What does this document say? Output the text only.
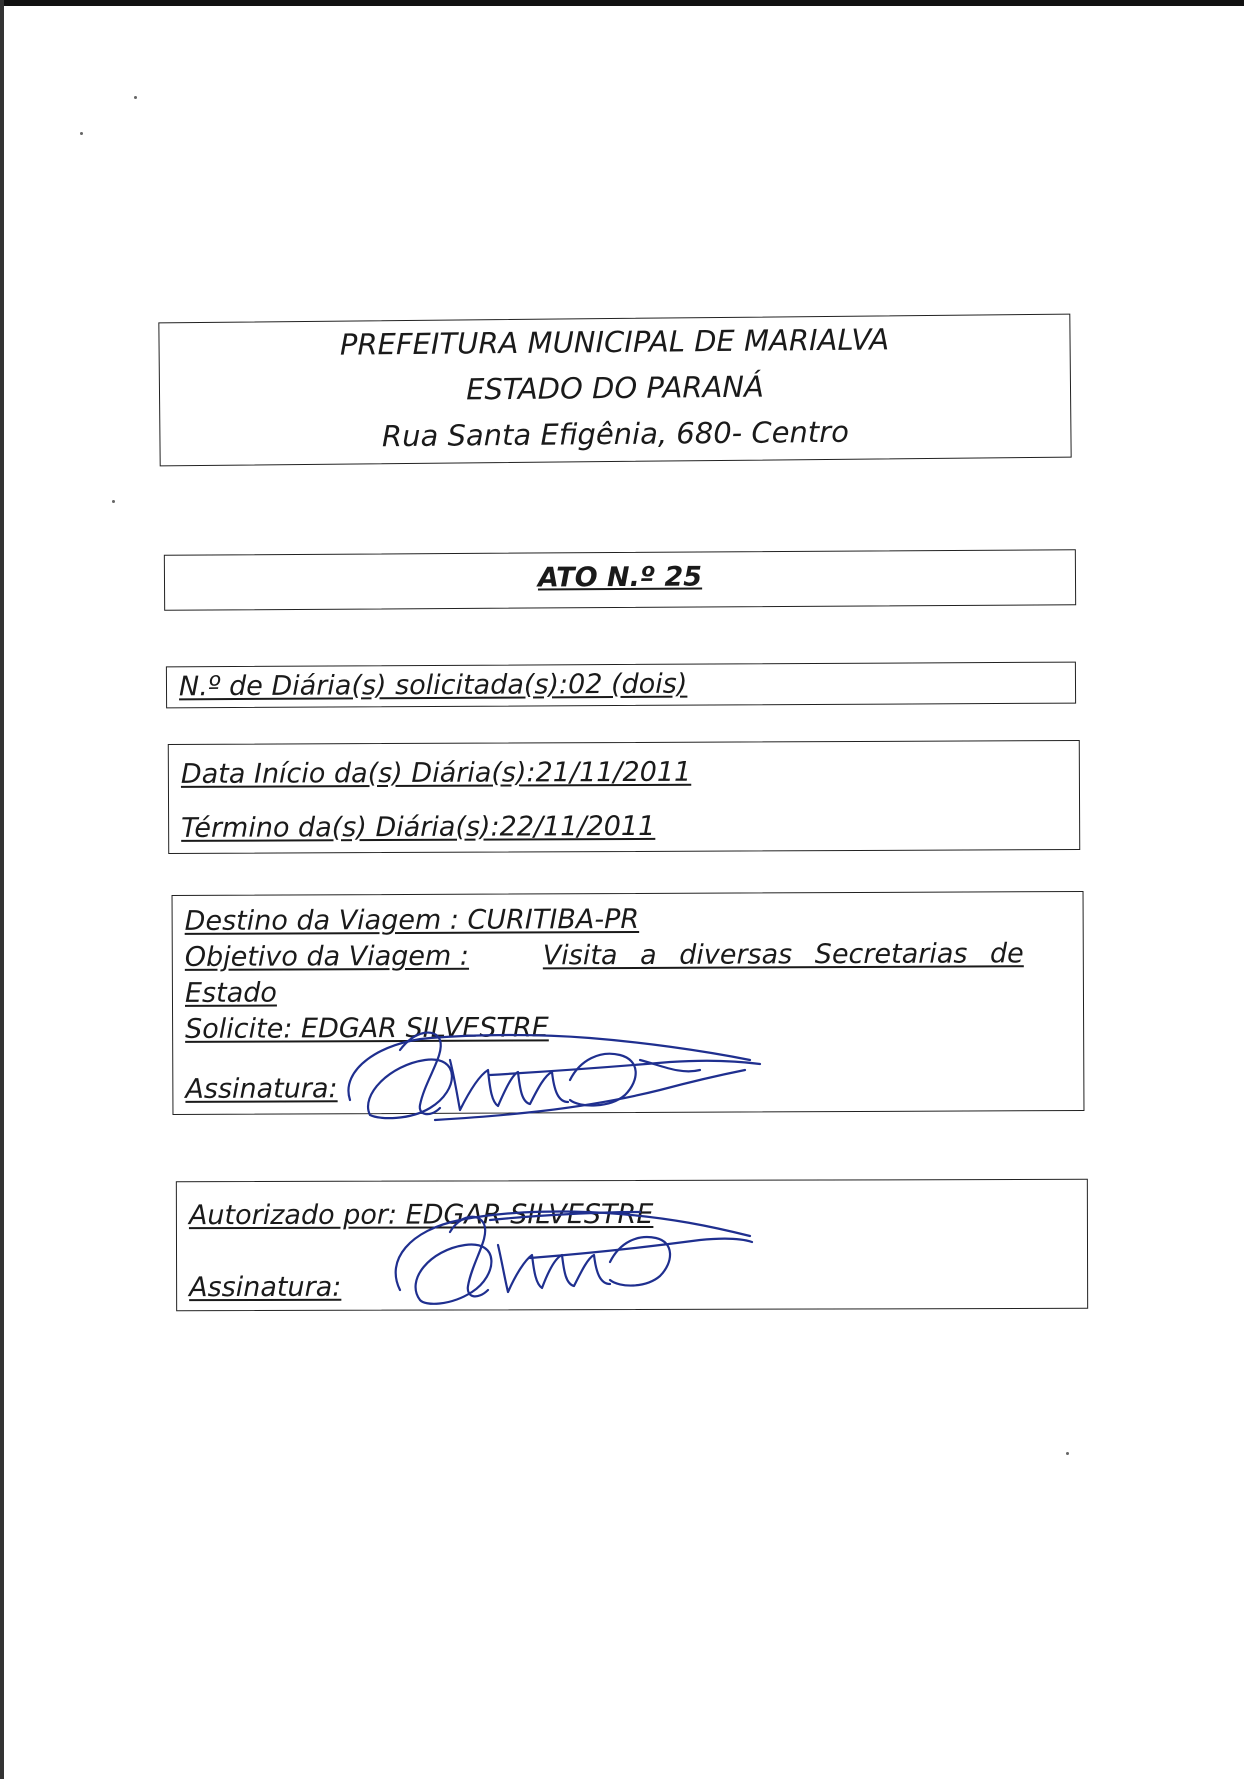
PREFEITURA MUNICIPAL DE MARIALVA
ESTADO DO PARANÁ
Rua Santa Efigênia, 680- Centro
ATO N.º 25
N.º de Diária(s) solicitada(s):02 (dois)
Data Início da(s) Diária(s):21/11/2011
Término da(s) Diária(s):22/11/2011
Destino da Viagem : CURITIBA-PR
Objetivo da Viagem :	Visita a diversas Secretarias de
Estado
Solicite: EDGAR SILVESTRE
Assinatura:
Autorizado por: EDGAR SILVESTRE
Assinatura:
